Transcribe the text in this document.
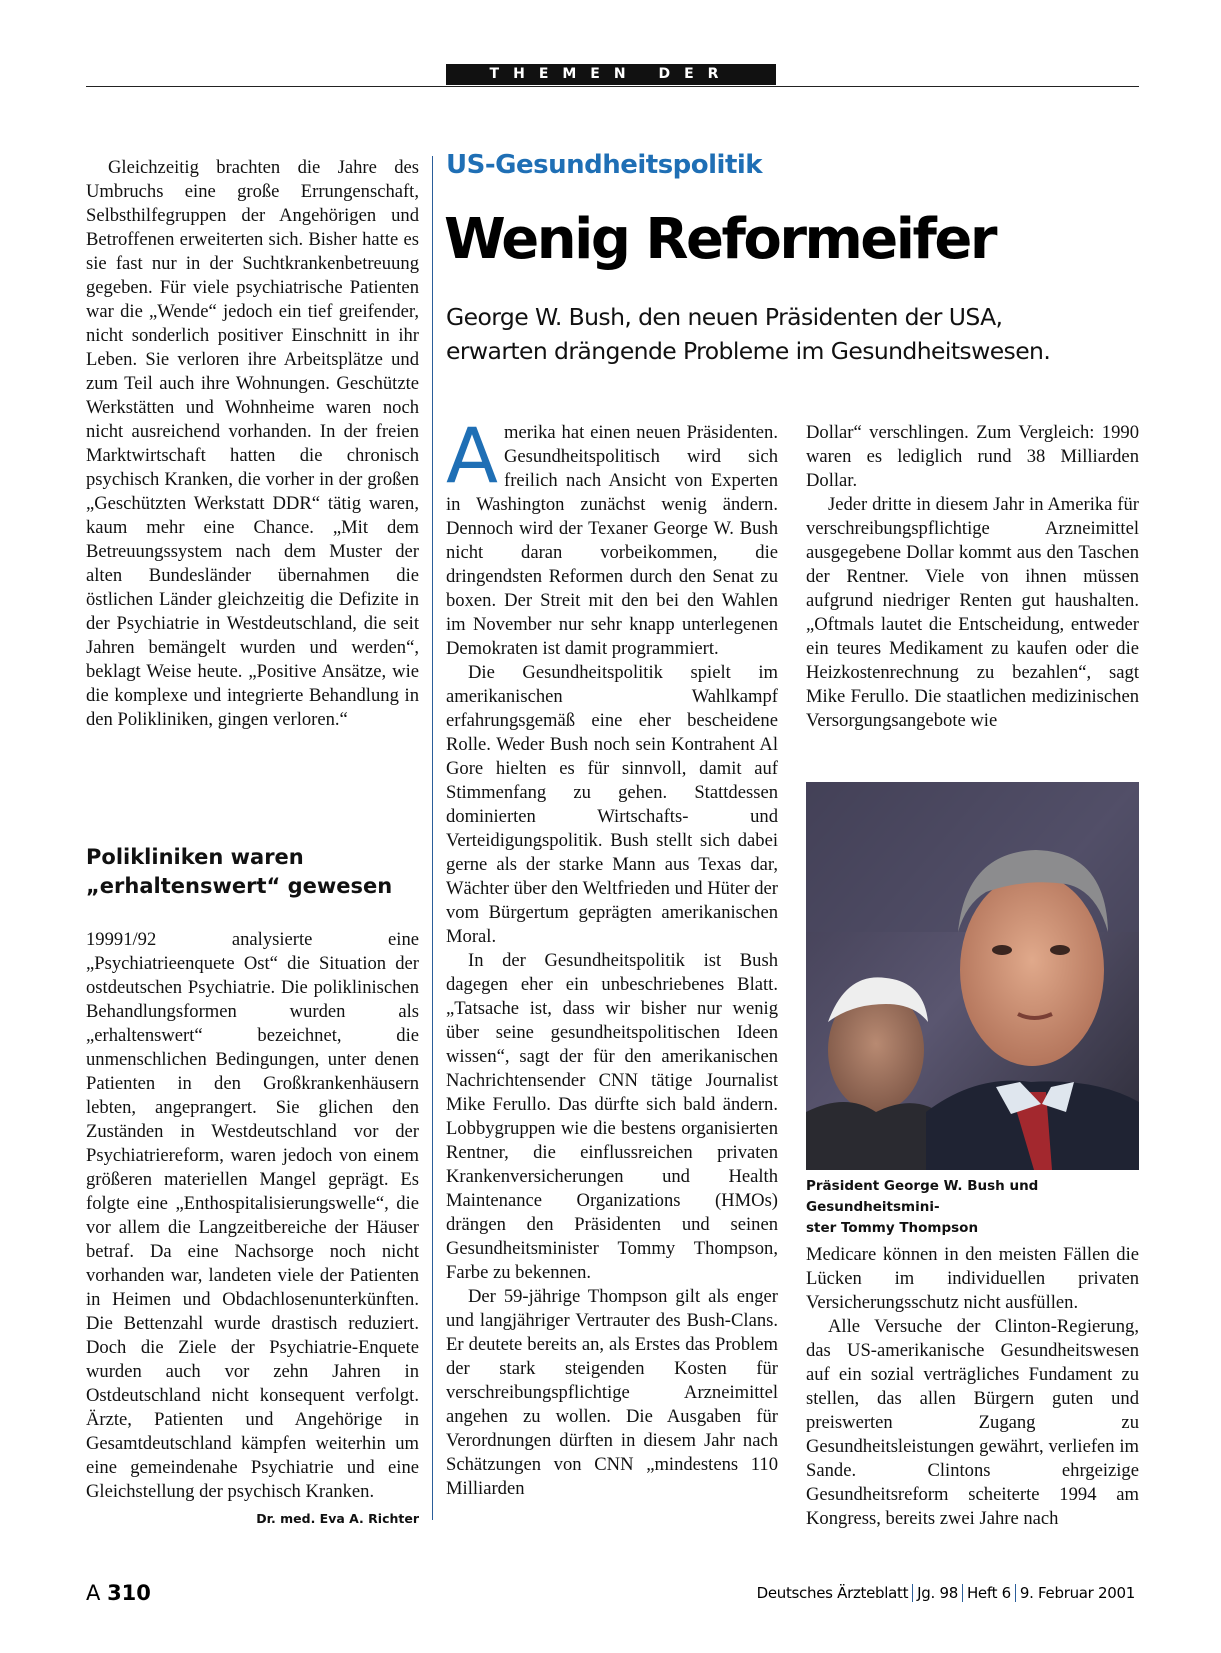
THEMEN DER ZEIT

Gleichzeitig brachten die Jahre des Umbruchs eine große Errungenschaft, Selbsthilfegruppen der Angehörigen und Betroffenen erweiterten sich. Bisher hatte es sie fast nur in der Suchtkrankenbetreuung gegeben. Für viele psychiatrische Patienten war die „Wende“ jedoch ein tief greifender, nicht sonderlich positiver Einschnitt in ihr Leben. Sie verloren ihre Arbeitsplätze und zum Teil auch ihre Wohnungen. Geschützte Werkstätten und Wohnheime waren noch nicht ausreichend vorhanden. In der freien Marktwirtschaft hatten die chronisch psychisch Kranken, die vorher in der großen „Geschützten Werkstatt DDR“ tätig waren, kaum mehr eine Chance. „Mit dem Betreuungssystem nach dem Muster der alten Bundesländer übernahmen die östlichen Länder gleichzeitig die Defizite in der Psychiatrie in Westdeutschland, die seit Jahren bemängelt wurden und werden“, beklagt Weise heute. „Positive Ansätze, wie die komplexe und integrierte Behandlung in den Polikliniken, gingen verloren.“

Polikliniken waren
„erhaltenswert“ gewesen

19991/92 analysierte eine „Psychiatrieenquete Ost“ die Situation der ostdeutschen Psychiatrie. Die poliklinischen Behandlungsformen wurden als „erhaltenswert“ bezeichnet, die unmenschlichen Bedingungen, unter denen Patienten in den Großkrankenhäusern lebten, angeprangert. Sie glichen den Zuständen in Westdeutschland vor der Psychiatriereform, waren jedoch von einem größeren materiellen Mangel geprägt. Es folgte eine „Enthospitalisierungswelle“, die vor allem die Langzeitbereiche der Häuser betraf. Da eine Nachsorge noch nicht vorhanden war, landeten viele der Patienten in Heimen und Obdachlosenunterkünften. Die Bettenzahl wurde drastisch reduziert. Doch die Ziele der Psychiatrie-Enquete wurden auch vor zehn Jahren in Ostdeutschland nicht konsequent verfolgt. Ärzte, Patienten und Angehörige in Gesamtdeutschland kämpfen weiterhin um eine gemeindenahe Psychiatrie und eine Gleichstellung der psychisch Kranken.
Dr. med. Eva A. Richter

US-Gesundheitspolitik
Wenig Reformeifer
George W. Bush, den neuen Präsidenten der USA,
erwarten drängende Probleme im Gesundheitswesen.

Amerika hat einen neuen Präsidenten. Gesundheitspolitisch wird sich freilich nach Ansicht von Experten in Washington zunächst wenig ändern. Dennoch wird der Texaner George W. Bush nicht daran vorbeikommen, die dringendsten Reformen durch den Senat zu boxen. Der Streit mit den bei den Wahlen im November nur sehr knapp unterlegenen Demokraten ist damit programmiert.

Die Gesundheitspolitik spielt im amerikanischen Wahlkampf erfahrungsgemäß eine eher bescheidene Rolle. Weder Bush noch sein Kontrahent Al Gore hielten es für sinnvoll, damit auf Stimmenfang zu gehen. Stattdessen dominierten Wirtschafts- und Verteidigungspolitik. Bush stellt sich dabei gerne als der starke Mann aus Texas dar, Wächter über den Weltfrieden und Hüter der vom Bürgertum geprägten amerikanischen Moral.

In der Gesundheitspolitik ist Bush dagegen eher ein unbeschriebenes Blatt. „Tatsache ist, dass wir bisher nur wenig über seine gesundheitspolitischen Ideen wissen“, sagt der für den amerikanischen Nachrichtensender CNN tätige Journalist Mike Ferullo. Das dürfte sich bald ändern. Lobbygruppen wie die bestens organisierten Rentner, die einflussreichen privaten Krankenversicherungen und Health Maintenance Organizations (HMOs) drängen den Präsidenten und seinen Gesundheitsminister Tommy Thompson, Farbe zu bekennen.

Der 59-jährige Thompson gilt als enger und langjähriger Vertrauter des Bush-Clans. Er deutete bereits an, als Erstes das Problem der stark steigenden Kosten für verschreibungspflichtige Arzneimittel angehen zu wollen. Die Ausgaben für Verordnungen dürften in diesem Jahr nach Schätzungen von CNN „mindestens 110 Milliarden

Dollar“ verschlingen. Zum Vergleich: 1990 waren es lediglich rund 38 Milliarden Dollar.

Jeder dritte in diesem Jahr in Amerika für verschreibungspflichtige Arzneimittel ausgegebene Dollar kommt aus den Taschen der Rentner. Viele von ihnen müssen aufgrund niedriger Renten gut haushalten. „Oftmals lautet die Entscheidung, entweder ein teures Medikament zu kaufen oder die Heizkostenrechnung zu bezahlen“, sagt Mike Ferullo. Die staatlichen medizinischen Versorgungsangebote wie

Präsident George W. Bush und Gesundheitsmini-
ster Tommy Thompson

Medicare können in den meisten Fällen die Lücken im individuellen privaten Versicherungsschutz nicht ausfüllen.

Alle Versuche der Clinton-Regierung, das US-amerikanische Gesundheitswesen auf ein sozial verträgliches Fundament zu stellen, das allen Bürgern guten und preiswerten Zugang zu Gesundheitsleistungen gewährt, verliefen im Sande. Clintons ehrgeizige Gesundheitsreform scheiterte 1994 am Kongress, bereits zwei Jahre nach

A 310	Deutsches Ärzteblatt Jg. 98 Heft 6 9. Februar 2001
